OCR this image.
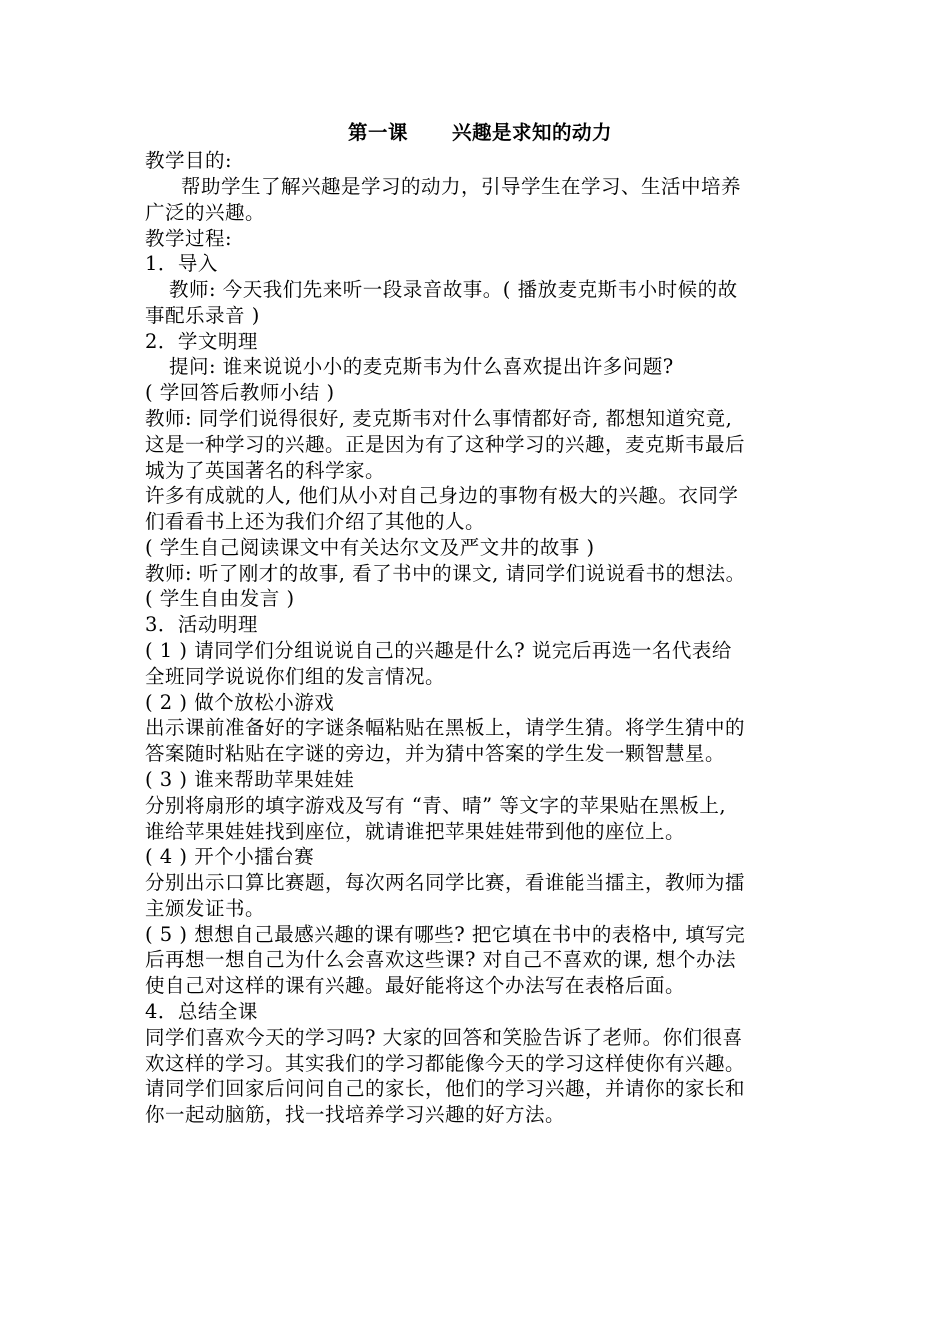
第一课 兴趣是求知的动力
教学目的:
帮助学生了解兴趣是学习的动力，引导学生在学习、生活中培养
广泛的兴趣。
教学过程:
1．导入
教师: 今天我们先来听一段录音故事。( 播放麦克斯韦小时候的故
事配乐录音 )
2．学文明理
提问: 谁来说说小小的麦克斯韦为什么喜欢提出许多问题?
( 学回答后教师小结 )
教师: 同学们说得很好, 麦克斯韦对什么事情都好奇, 都想知道究竟,
这是一种学习的兴趣。正是因为有了这种学习的兴趣，麦克斯韦最后
城为了英国著名的科学家。
许多有成就的人, 他们从小对自己身边的事物有极大的兴趣。衣同学
们看看书上还为我们介绍了其他的人。
( 学生自己阅读课文中有关达尔文及严文井的故事 )
教师: 听了刚才的故事, 看了书中的课文, 请同学们说说看书的想法。
( 学生自由发言 )
3．活动明理
( 1 ) 请同学们分组说说自己的兴趣是什么? 说完后再选一名代表给
全班同学说说你们组的发言情况。
( 2 ) 做个放松小游戏
出示课前准备好的字谜条幅粘贴在黑板上，请学生猜。将学生猜中的
答案随时粘贴在字谜的旁边，并为猜中答案的学生发一颗智慧星。
( 3 ) 谁来帮助苹果娃娃
分别将扇形的填字游戏及写有 “青、晴” 等文字的苹果贴在黑板上,
谁给苹果娃娃找到座位，就请谁把苹果娃娃带到他的座位上。
( 4 ) 开个小擂台赛
分别出示口算比赛题，每次两名同学比赛，看谁能当擂主，教师为擂
主颁发证书。
( 5 ) 想想自己最感兴趣的课有哪些? 把它填在书中的表格中, 填写完
后再想一想自己为什么会喜欢这些课? 对自己不喜欢的课, 想个办法
使自己对这样的课有兴趣。最好能将这个办法写在表格后面。
4．总结全课
同学们喜欢今天的学习吗? 大家的回答和笑脸告诉了老师。你们很喜
欢这样的学习。其实我们的学习都能像今天的学习这样使你有兴趣。
请同学们回家后问问自己的家长，他们的学习兴趣，并请你的家长和
你一起动脑筋，找一找培养学习兴趣的好方法。
